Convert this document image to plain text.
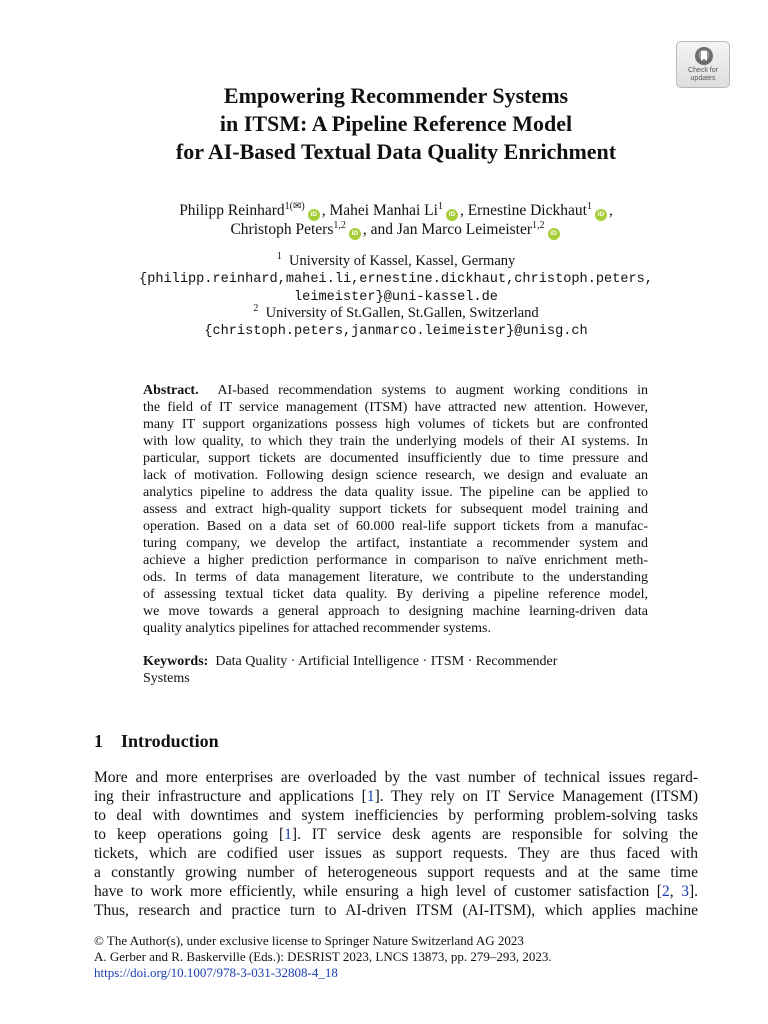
Check for
updates
Empowering Recommender Systems
in ITSM: A Pipeline Reference Model
for AI-Based Textual Data Quality Enrichment
Philipp Reinhard$^{1(✉)}$iD , Mahei Manhai Li$^1$iD , Ernestine Dickhaut$^1$iD ,
Christoph Peters$^{1,2}$iD , and Jan Marco Leimeister$^{1,2}$iD
$^1$ University of Kassel, Kassel, Germany
{philipp.reinhard,mahei.li,ernestine.dickhaut,christoph.peters,
leimeister}@uni-kassel.de
$^2$ University of St.Gallen, St.Gallen, Switzerland
{christoph.peters,janmarco.leimeister}@unisg.ch
Abstract. AI-based recommendation systems to augment working conditions in
the field of IT service management (ITSM) have attracted new attention. However,
many IT support organizations possess high volumes of tickets but are confronted
with low quality, to which they train the underlying models of their AI systems. In
particular, support tickets are documented insufficiently due to time pressure and
lack of motivation. Following design science research, we design and evaluate an
analytics pipeline to address the data quality issue. The pipeline can be applied to
assess and extract high-quality support tickets for subsequent model training and
operation. Based on a data set of 60.000 real-life support tickets from a manufac-
turing company, we develop the artifact, instantiate a recommender system and
achieve a higher prediction performance in comparison to naïve enrichment meth-
ods. In terms of data management literature, we contribute to the understanding
of assessing textual ticket data quality. By deriving a pipeline reference model,
we move towards a general approach to designing machine learning-driven data
quality analytics pipelines for attached recommender systems.
Keywords: Data Quality · Artificial Intelligence · ITSM · Recommender
Systems
1 Introduction
More and more enterprises are overloaded by the vast number of technical issues regard-
ing their infrastructure and applications [1]. They rely on IT Service Management (ITSM)
to deal with downtimes and system inefficiencies by performing problem-solving tasks
to keep operations going [1]. IT service desk agents are responsible for solving the
tickets, which are codified user issues as support requests. They are thus faced with
a constantly growing number of heterogeneous support requests and at the same time
have to work more efficiently, while ensuring a high level of customer satisfaction [2, 3].
Thus, research and practice turn to AI-driven ITSM (AI-ITSM), which applies machine
© The Author(s), under exclusive license to Springer Nature Switzerland AG 2023
A. Gerber and R. Baskerville (Eds.): DESRIST 2023, LNCS 13873, pp. 279–293, 2023.
https://doi.org/10.1007/978-3-031-32808-4_18
